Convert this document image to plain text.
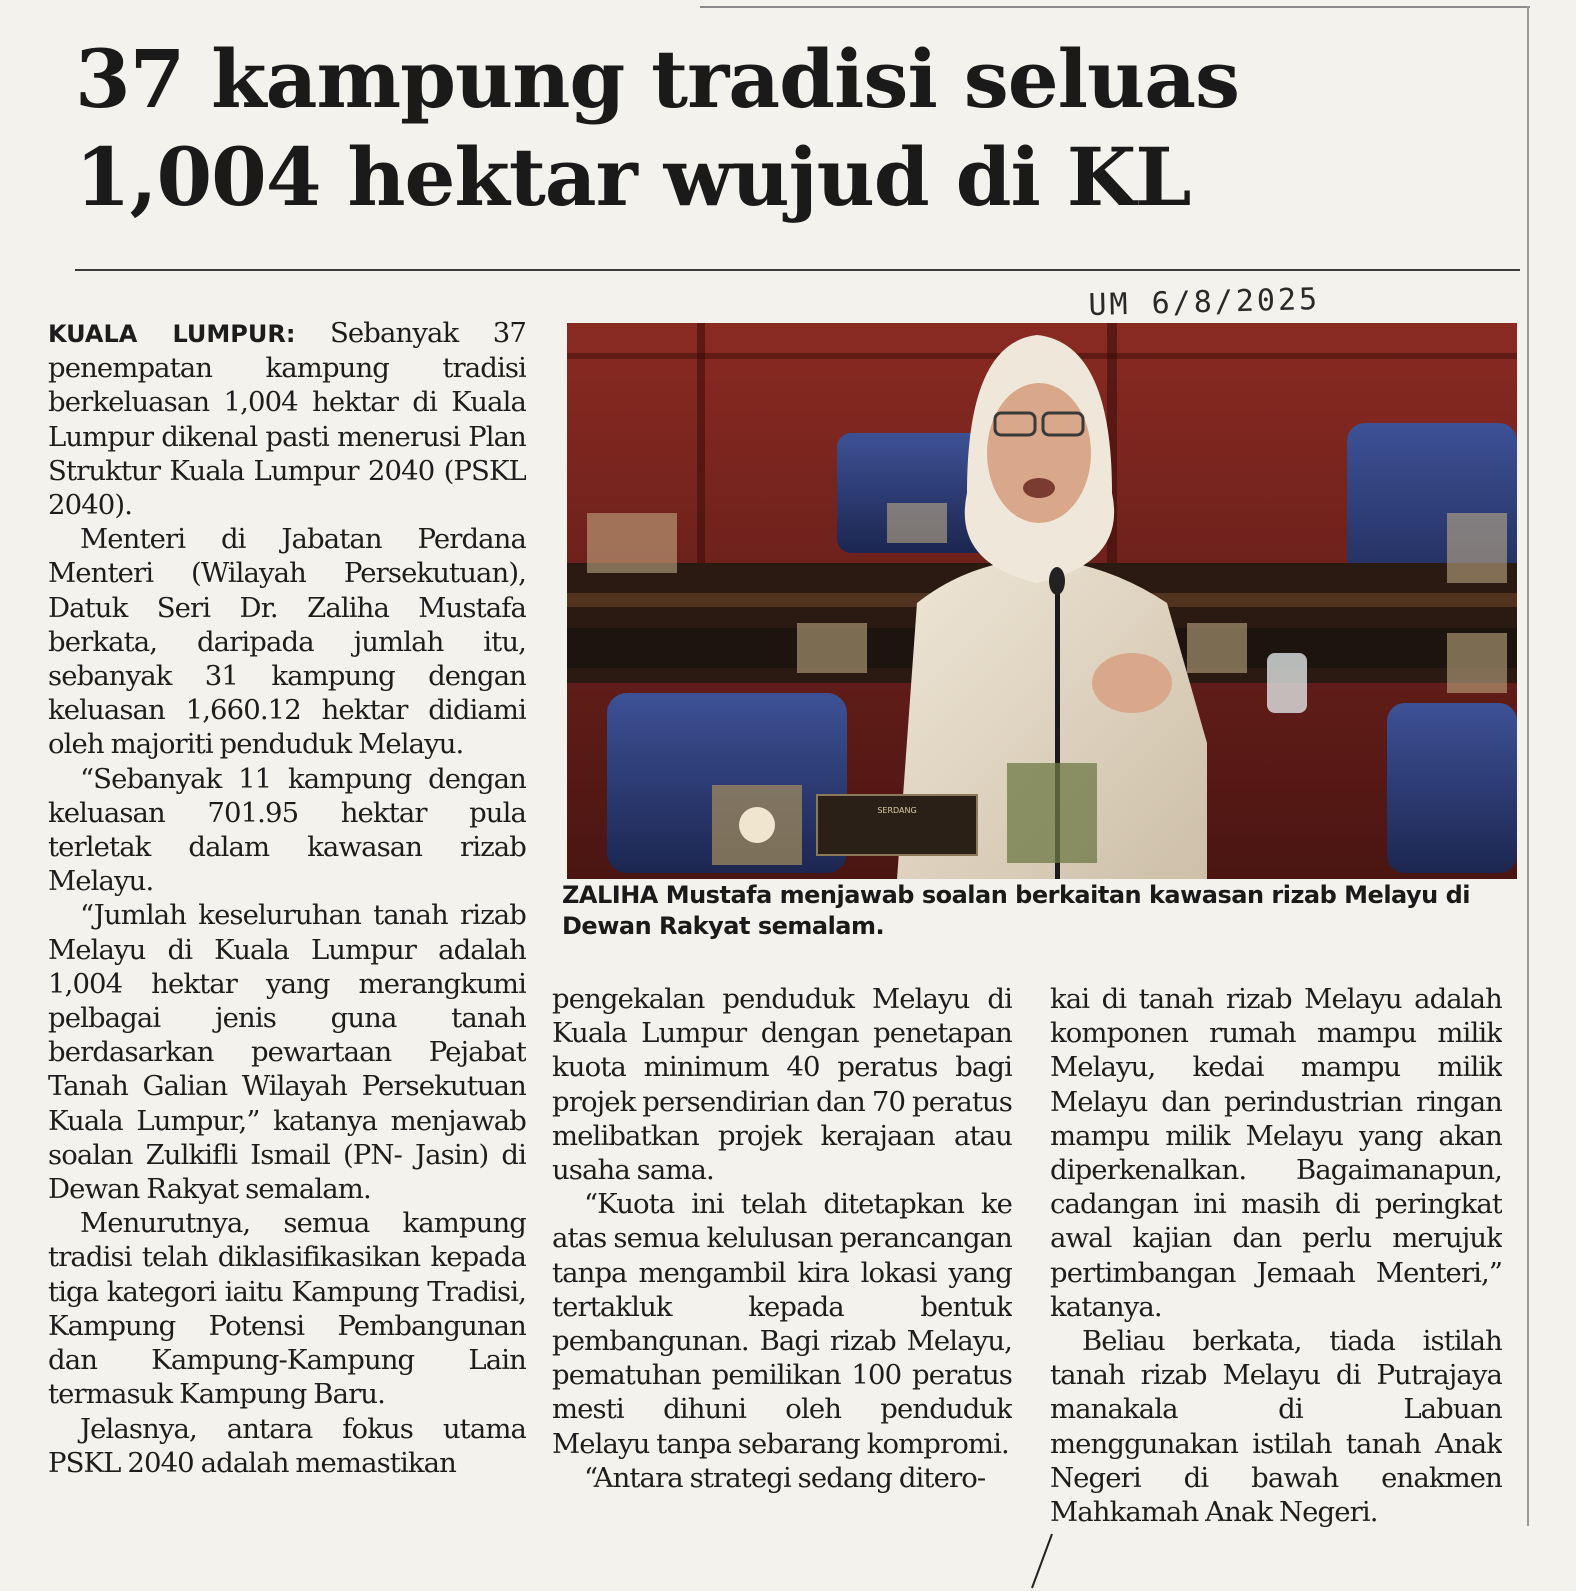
37 kampung tradisi seluas
1,004 hektar wujud di KL
UM 6/8/2025
SERDANG

ZALIHA Mustafa menjawab soalan berkaitan kawasan rizab Melayu di Dewan Rakyat semalam.

KUALA LUMPUR: Sebanyak 37 penempatan kampung tradisi berkeluasan 1,004 hektar di Kuala Lumpur dikenal pasti menerusi Plan Struktur Kuala Lumpur 2040 (PSKL 2040).

Menteri di Jabatan Perdana Menteri (Wilayah Persekutuan), Datuk Seri Dr. Zaliha Mustafa berkata, daripada jumlah itu, sebanyak 31 kampung dengan keluasan 1,660.12 hektar didiami oleh majoriti penduduk Melayu.

“Sebanyak 11 kampung dengan keluasan 701.95 hektar pula terletak dalam kawasan rizab Melayu.

“Jumlah keseluruhan tanah rizab Melayu di Kuala Lumpur adalah 1,004 hektar yang merangkumi pelbagai jenis guna tanah berdasarkan pewartaan Pejabat Tanah Galian Wilayah Persekutuan Kuala Lumpur,” katanya menjawab soalan Zulkifli Ismail (PN- Jasin) di Dewan Rakyat semalam.

Menurutnya, semua kampung tradisi telah diklasifikasikan kepada tiga kategori iaitu Kampung Tradisi, Kampung Potensi Pembangunan dan Kampung-Kampung Lain termasuk Kampung Baru.

Jelasnya, antara fokus utama PSKL 2040 adalah memastikan

pengekalan penduduk Melayu di Kuala Lumpur dengan penetapan kuota minimum 40 peratus bagi projek persendirian dan 70 peratus melibatkan projek kerajaan atau usaha sama.

“Kuota ini telah ditetapkan ke atas semua kelulusan perancangan tanpa mengambil kira lokasi yang tertakluk kepada bentuk pembangunan. Bagi rizab Melayu, pematuhan pemilikan 100 peratus mesti dihuni oleh penduduk Melayu tanpa sebarang kompromi.

“Antara strategi sedang ditero-

kai di tanah rizab Melayu adalah komponen rumah mampu milik Melayu, kedai mampu milik Melayu dan perindustrian ringan mampu milik Melayu yang akan diperkenalkan. Bagaimanapun, cadangan ini masih di peringkat awal kajian dan perlu merujuk pertimbangan Jemaah Menteri,” katanya.

Beliau berkata, tiada istilah tanah rizab Melayu di Putrajaya manakala di Labuan menggunakan istilah tanah Anak Negeri di bawah enakmen Mahkamah Anak Negeri.
